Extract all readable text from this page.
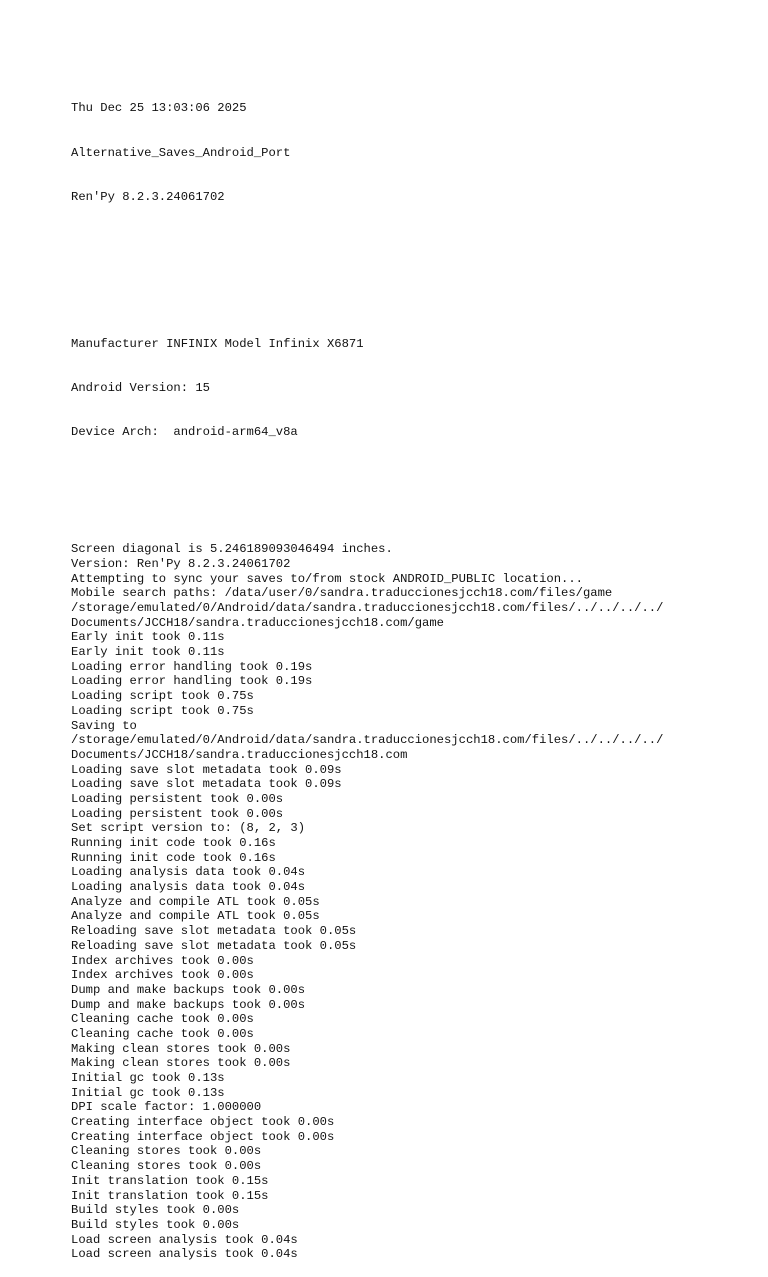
Thu Dec 25 13:03:06 2025

Alternative_Saves_Android_Port

Ren'Py 8.2.3.24061702

Manufacturer INFINIX Model Infinix X6871

Android Version: 15

Device Arch:  android-arm64_v8a

Screen diagonal is 5.246189093046494 inches.
Version: Ren'Py 8.2.3.24061702
Attempting to sync your saves to/from stock ANDROID_PUBLIC location...
Mobile search paths: /data/user/0/sandra.traduccionesjcch18.com/files/game
/storage/emulated/0/Android/data/sandra.traduccionesjcch18.com/files/../../../../
Documents/JCCH18/sandra.traduccionesjcch18.com/game
Early init took 0.11s
Early init took 0.11s
Loading error handling took 0.19s
Loading error handling took 0.19s
Loading script took 0.75s
Loading script took 0.75s
Saving to
/storage/emulated/0/Android/data/sandra.traduccionesjcch18.com/files/../../../../
Documents/JCCH18/sandra.traduccionesjcch18.com
Loading save slot metadata took 0.09s
Loading save slot metadata took 0.09s
Loading persistent took 0.00s
Loading persistent took 0.00s
Set script version to: (8, 2, 3)
Running init code took 0.16s
Running init code took 0.16s
Loading analysis data took 0.04s
Loading analysis data took 0.04s
Analyze and compile ATL took 0.05s
Analyze and compile ATL took 0.05s
Reloading save slot metadata took 0.05s
Reloading save slot metadata took 0.05s
Index archives took 0.00s
Index archives took 0.00s
Dump and make backups took 0.00s
Dump and make backups took 0.00s
Cleaning cache took 0.00s
Cleaning cache took 0.00s
Making clean stores took 0.00s
Making clean stores took 0.00s
Initial gc took 0.13s
Initial gc took 0.13s
DPI scale factor: 1.000000
Creating interface object took 0.00s
Creating interface object took 0.00s
Cleaning stores took 0.00s
Cleaning stores took 0.00s
Init translation took 0.15s
Init translation took 0.15s
Build styles took 0.00s
Build styles took 0.00s
Load screen analysis took 0.04s
Load screen analysis took 0.04s
